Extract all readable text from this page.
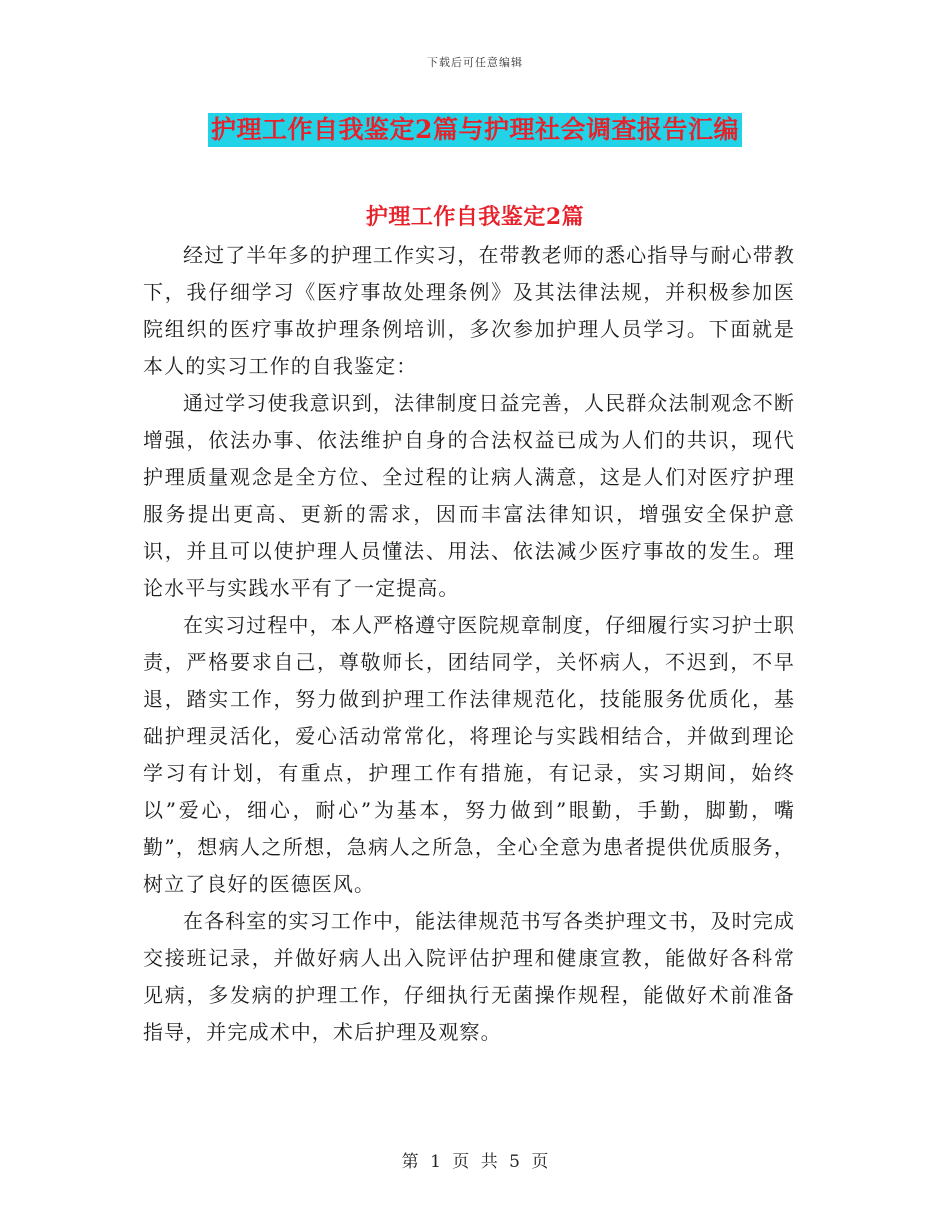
下载后可任意编辑
护理工作自我鉴定2篇与护理社会调查报告汇编
护理工作自我鉴定2篇

经过了半年多的护理工作实习，在带教老师的悉心指导与耐心带教下，我仔细学习《医疗事故处理条例》及其法律法规，并积极参加医院组织的医疗事故护理条例培训，多次参加护理人员学习。下面就是本人的实习工作的自我鉴定：

通过学习使我意识到，法律制度日益完善，人民群众法制观念不断增强，依法办事、依法维护自身的合法权益已成为人们的共识，现代护理质量观念是全方位、全过程的让病人满意，这是人们对医疗护理服务提出更高、更新的需求，因而丰富法律知识，增强安全保护意识，并且可以使护理人员懂法、用法、依法减少医疗事故的发生。理论水平与实践水平有了一定提高。

在实习过程中，本人严格遵守医院规章制度，仔细履行实习护士职责，严格要求自己，尊敬师长，团结同学，关怀病人，不迟到，不早退，踏实工作，努力做到护理工作法律规范化，技能服务优质化，基础护理灵活化，爱心活动常常化，将理论与实践相结合，并做到理论学习有计划，有重点，护理工作有措施，有记录，实习期间，始终以”爱心，细心，耐心”为基本，努力做到”眼勤，手勤，脚勤，嘴勤”，想病人之所想，急病人之所急，全心全意为患者提供优质服务，树立了良好的医德医风。

在各科室的实习工作中，能法律规范书写各类护理文书，及时完成交接班记录，并做好病人出入院评估护理和健康宣教，能做好各科常见病，多发病的护理工作，仔细执行无菌操作规程，能做好术前准备指导，并完成术中，术后护理及观察。

第 1 页 共 5 页
